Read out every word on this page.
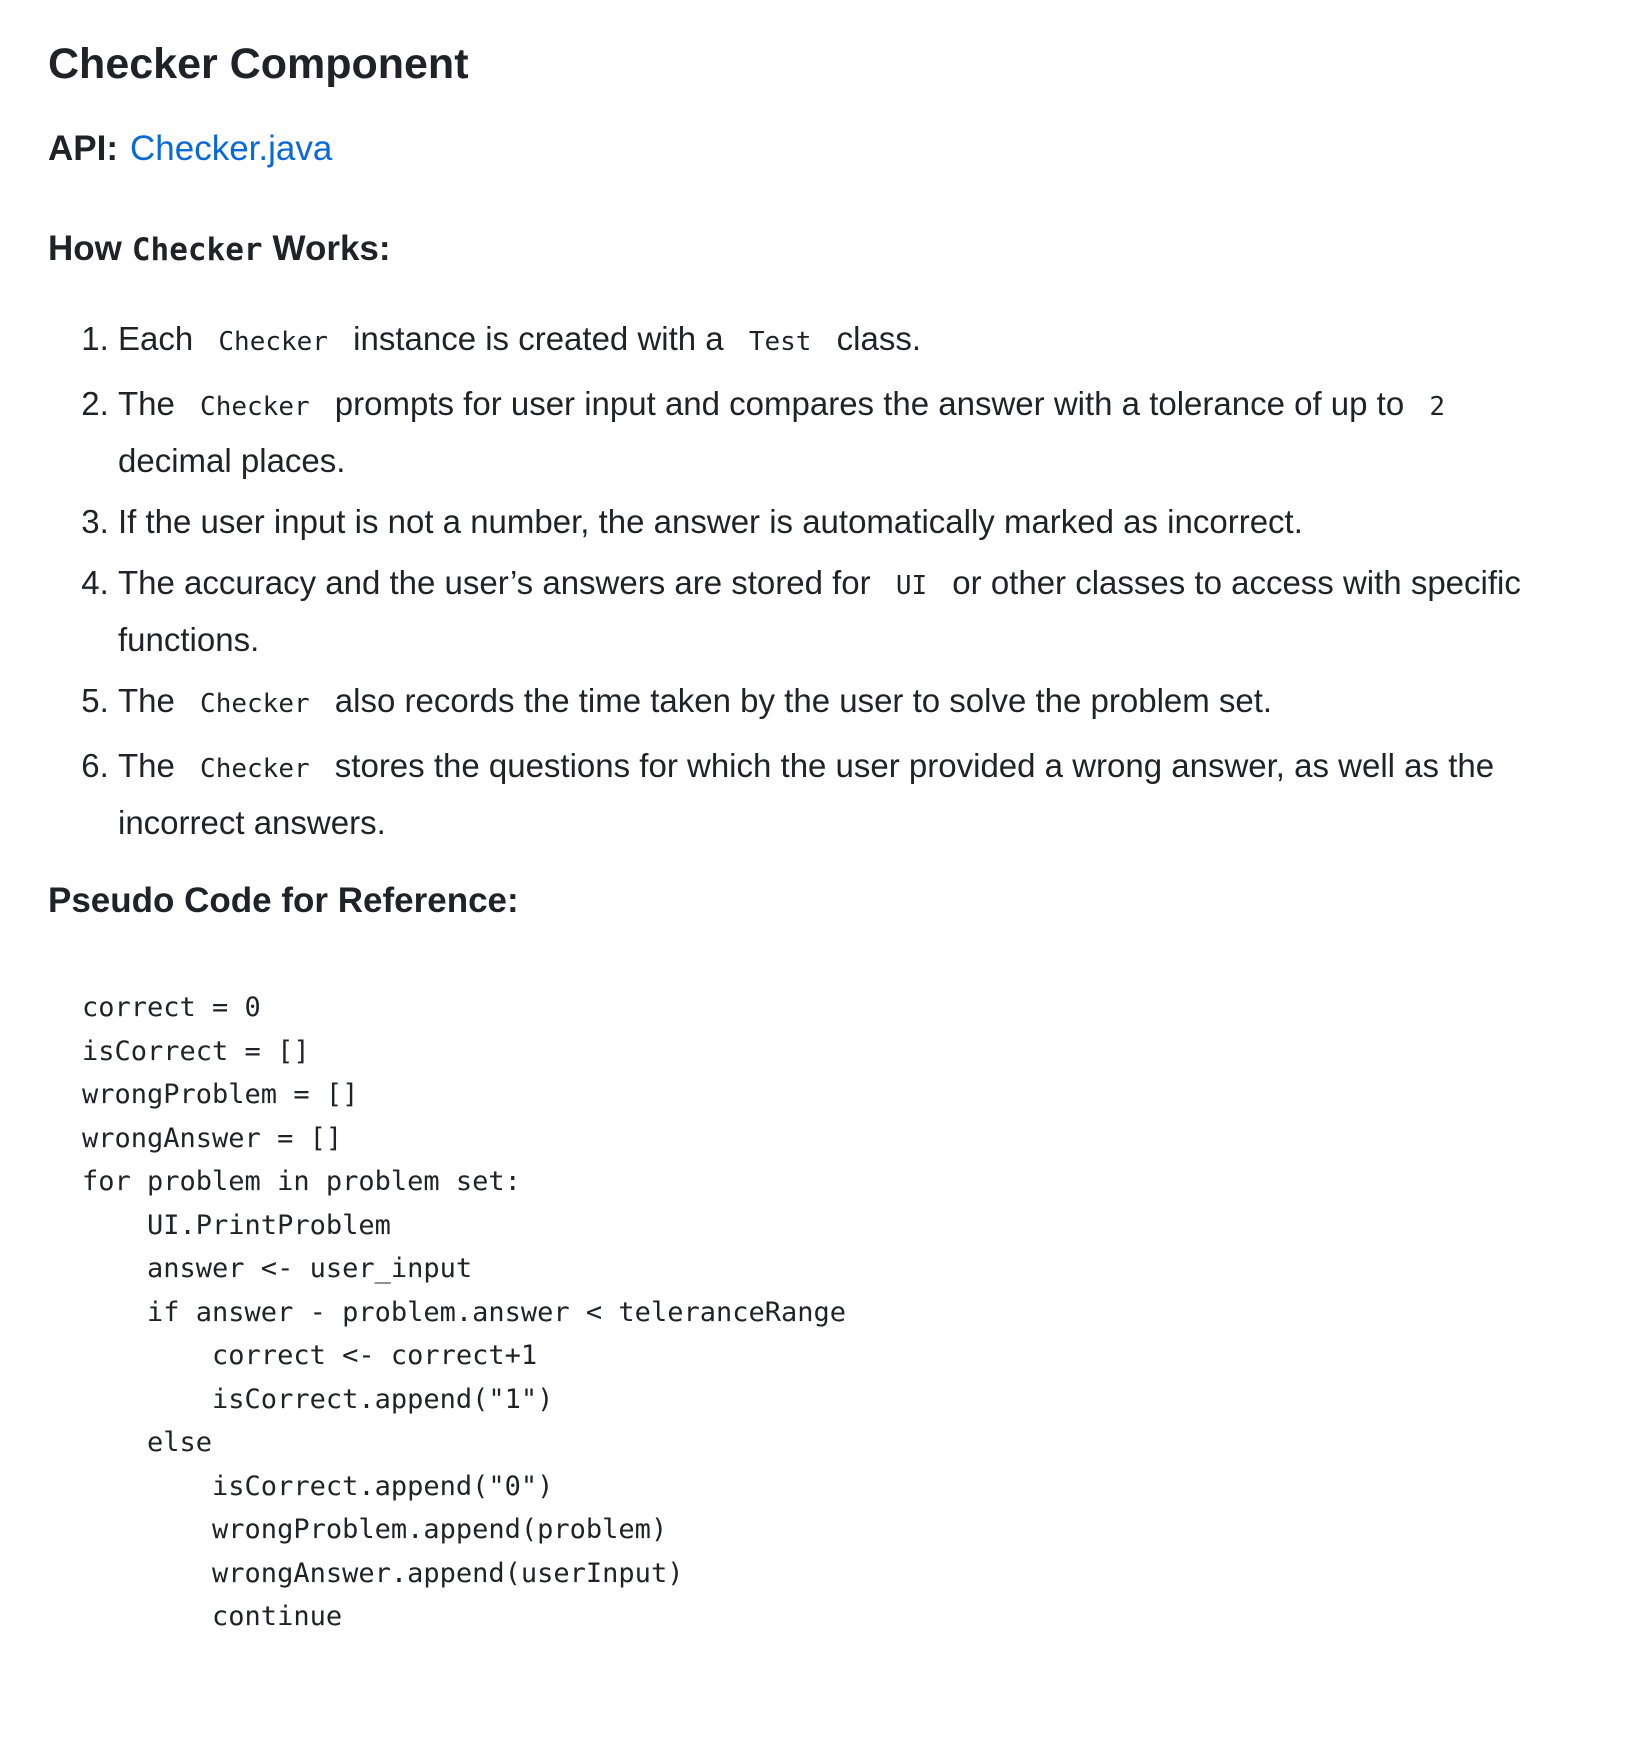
Checker Component

API: Checker.java

How Checker Works:
1. Each Checker instance is created with a Test class.
2. The Checker prompts for user input and compares the answer with a tolerance of up to 2 decimal places.
3. If the user input is not a number, the answer is automatically marked as incorrect.
4. The accuracy and the user’s answers are stored for UI or other classes to access with specific functions.
5. The Checker also records the time taken by the user to solve the problem set.
6. The Checker stores the questions for which the user provided a wrong answer, as well as the incorrect answers.
Pseudo Code for Reference:
correct = 0
isCorrect = []
wrongProblem = []
wrongAnswer = []
for problem in problem set:
UI.PrintProblem
answer <- user_input
if answer - problem.answer < teleranceRange
correct <- correct+1
isCorrect.append("1")
else
isCorrect.append("0")
wrongProblem.append(problem)
wrongAnswer.append(userInput)
continue
